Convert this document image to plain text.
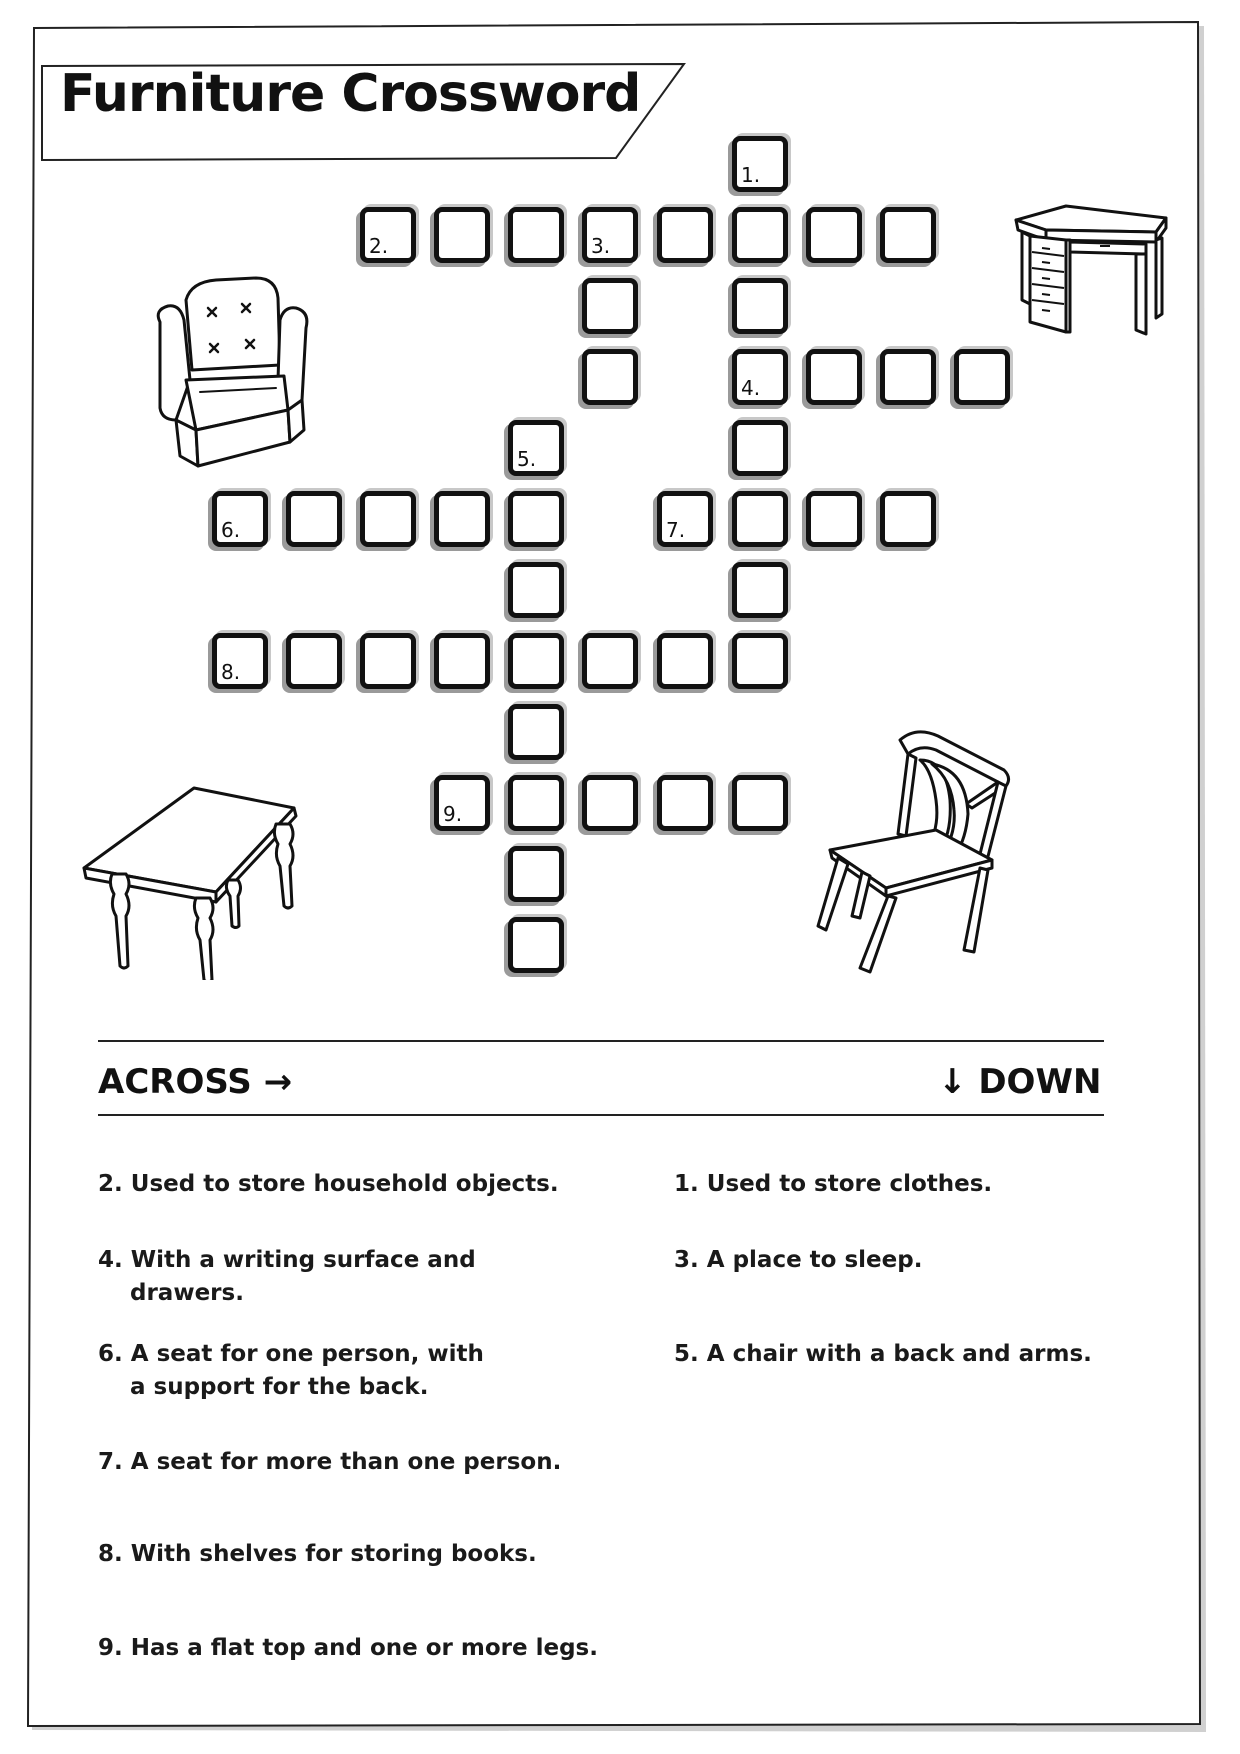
Furniture Crossword
1.
2.	3.
4.
5.
6.	7.
8.
9.
ACROSS →	↓ DOWN
2. Used to store household objects.
4. With a writing surface and
drawers.
6. A seat for one person, with
a support for the back.
7. A seat for more than one person.
8. With shelves for storing books.
9. Has a flat top and one or more legs.
1. Used to store clothes.
3. A place to sleep.
5. A chair with a back and arms.
